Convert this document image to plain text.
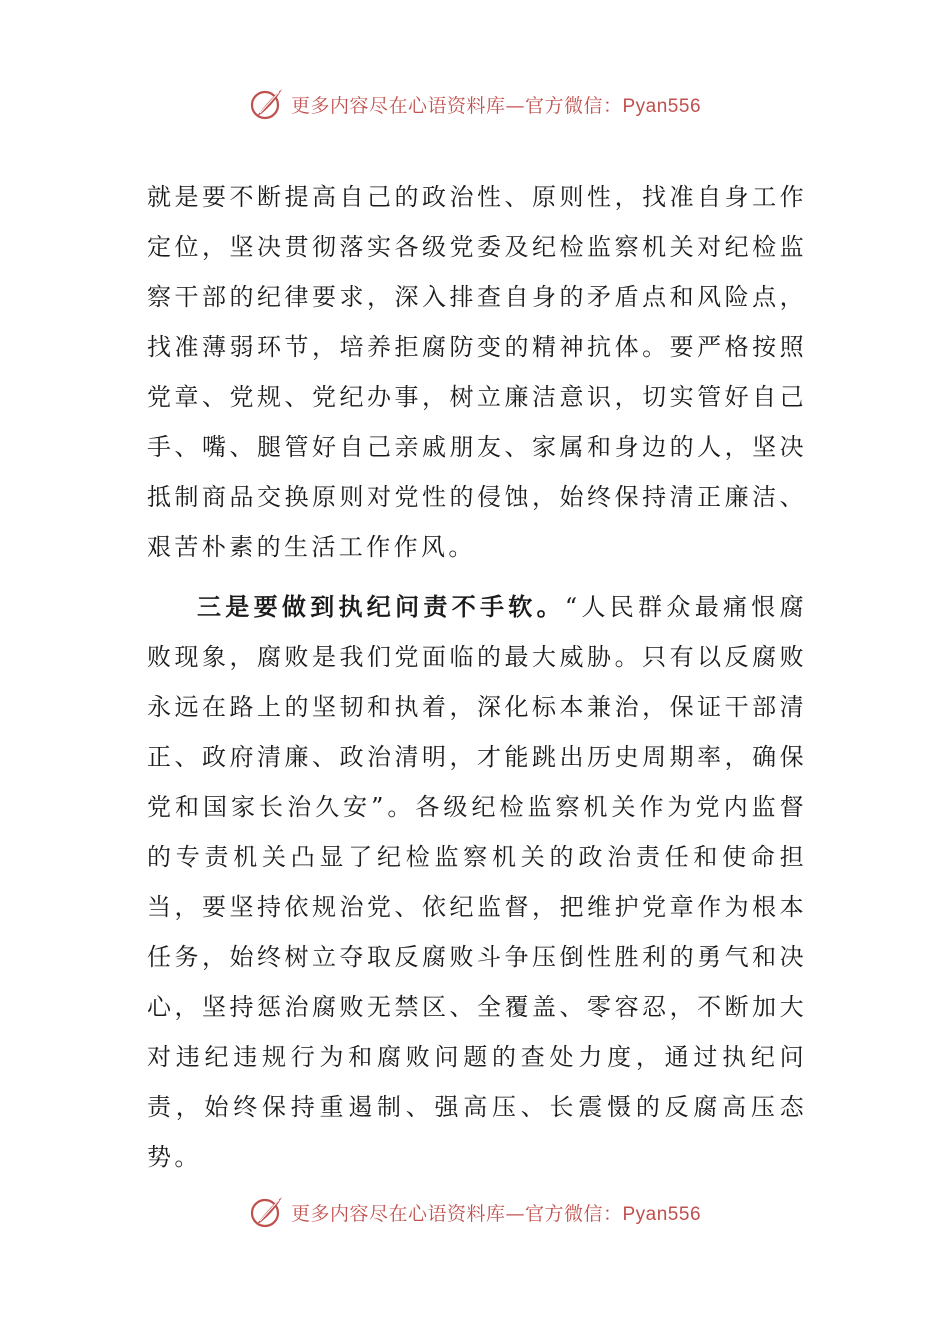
更多内容尽在心语资料库—官方微信：Pyan556

就是要不断提高自己的政治性、原则性，找准自身工作定位，坚决贯彻落实各级党委及纪检监察机关对纪检监察干部的纪律要求，深入排查自身的矛盾点和风险点，找准薄弱环节，培养拒腐防变的精神抗体。要严格按照党章、党规、党纪办事，树立廉洁意识，切实管好自己手、嘴、腿管好自己亲戚朋友、家属和身边的人，坚决抵制商品交换原则对党性的侵蚀，始终保持清正廉洁、艰苦朴素的生活工作作风。

三是要做到执纪问责不手软。“人民群众最痛恨腐败现象，腐败是我们党面临的最大威胁。只有以反腐败永远在路上的坚韧和执着，深化标本兼治，保证干部清正、政府清廉、政治清明，才能跳出历史周期率，确保党和国家长治久安”。各级纪检监察机关作为党内监督的专责机关凸显了纪检监察机关的政治责任和使命担当，要坚持依规治党、依纪监督，把维护党章作为根本任务，始终树立夺取反腐败斗争压倒性胜利的勇气和决心，坚持惩治腐败无禁区、全覆盖、零容忍，不断加大对违纪违规行为和腐败问题的查处力度，通过执纪问责，始终保持重遏制、强高压、长震慑的反腐高压态势。

更多内容尽在心语资料库—官方微信：Pyan556
